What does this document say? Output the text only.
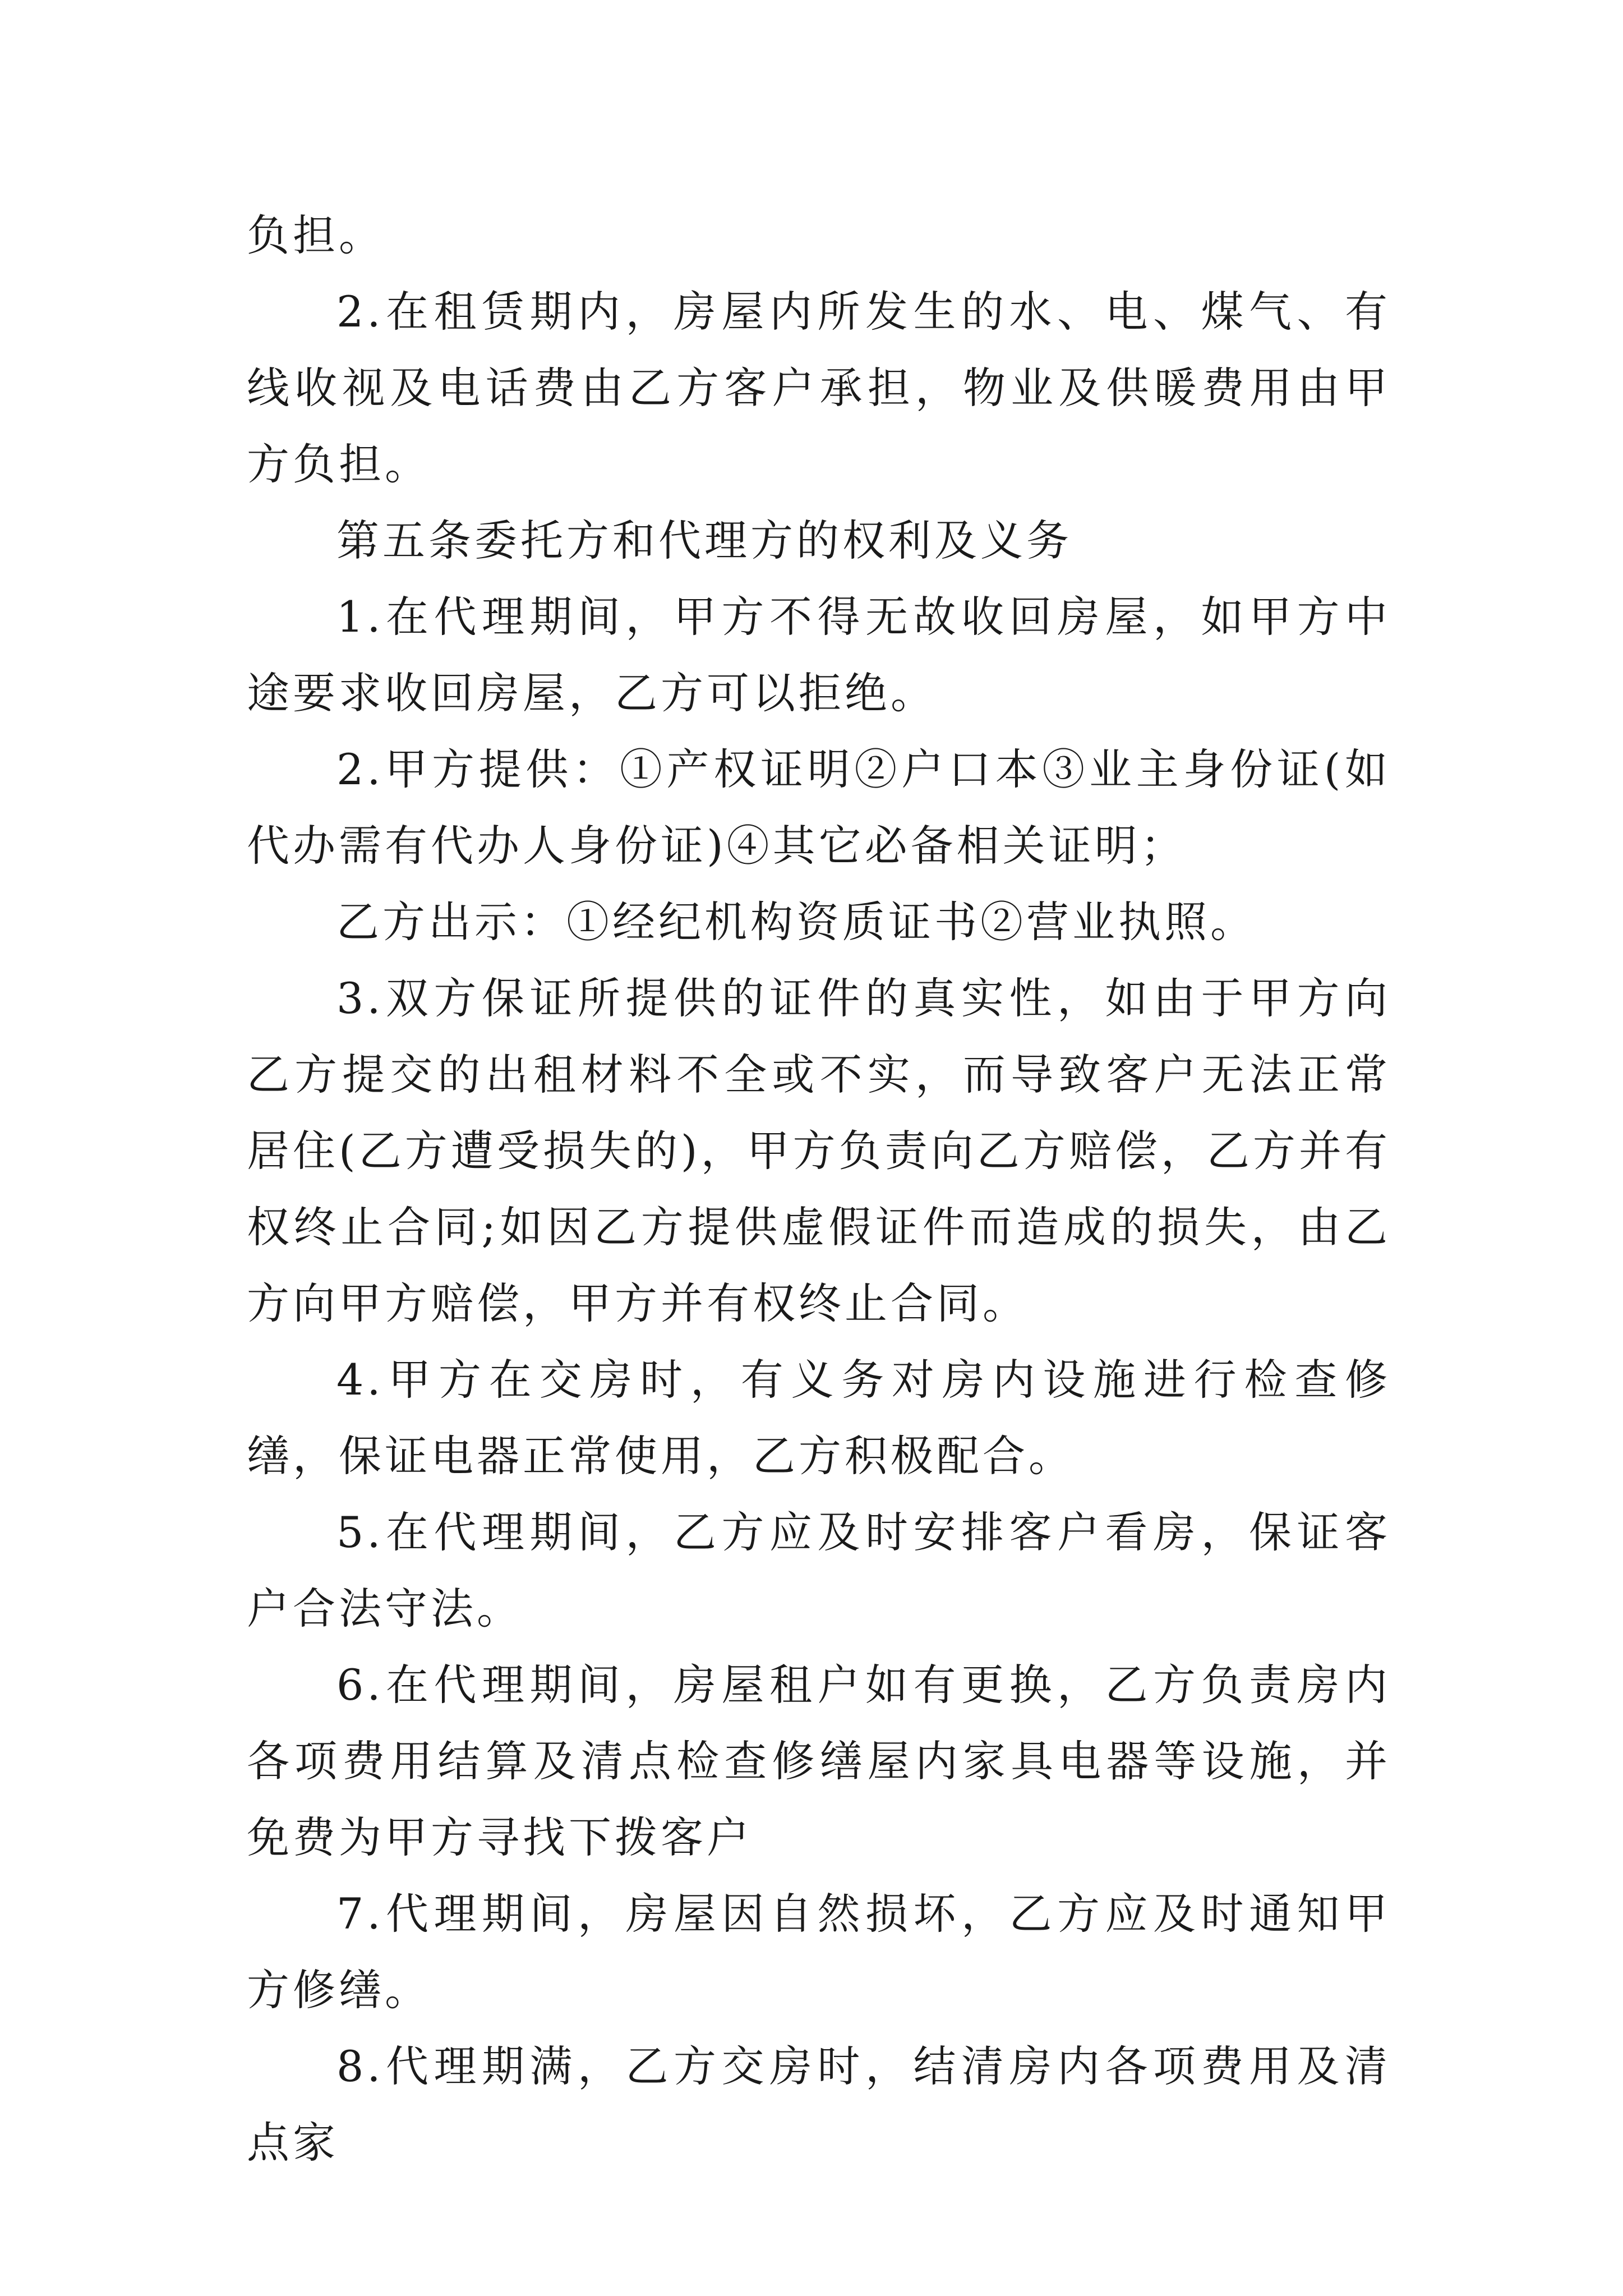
负担。

2.在租赁期内，房屋内所发生的水、电、煤气、有线收视及电话费由乙方客户承担，物业及供暖费用由甲方负担。

第五条委托方和代理方的权利及义务

1.在代理期间，甲方不得无故收回房屋，如甲方中途要求收回房屋，乙方可以拒绝。

2.甲方提供：①产权证明②户口本③业主身份证(如代办需有代办人身份证)④其它必备相关证明；

乙方出示：①经纪机构资质证书②营业执照。

3.双方保证所提供的证件的真实性，如由于甲方向乙方提交的出租材料不全或不实，而导致客户无法正常居住(乙方遭受损失的)，甲方负责向乙方赔偿，乙方并有权终止合同;如因乙方提供虚假证件而造成的损失，由乙 方向甲方赔偿，甲方并有权终止合同。

4.甲方在交房时，有义务对房内设施进行检查修缮，保证电器正常使用，乙方积极配合。

5.在代理期间，乙方应及时安排客户看房，保证客户合法守法。

6.在代理期间，房屋租户如有更换，乙方负责房内各项费用结算及清点检查修缮屋内家具电器等设施，并免费为甲方寻找下拨客户

7.代理期间，房屋因自然损坏，乙方应及时通知甲方修缮。

8.代理期满，乙方交房时，结清房内各项费用及清点家
